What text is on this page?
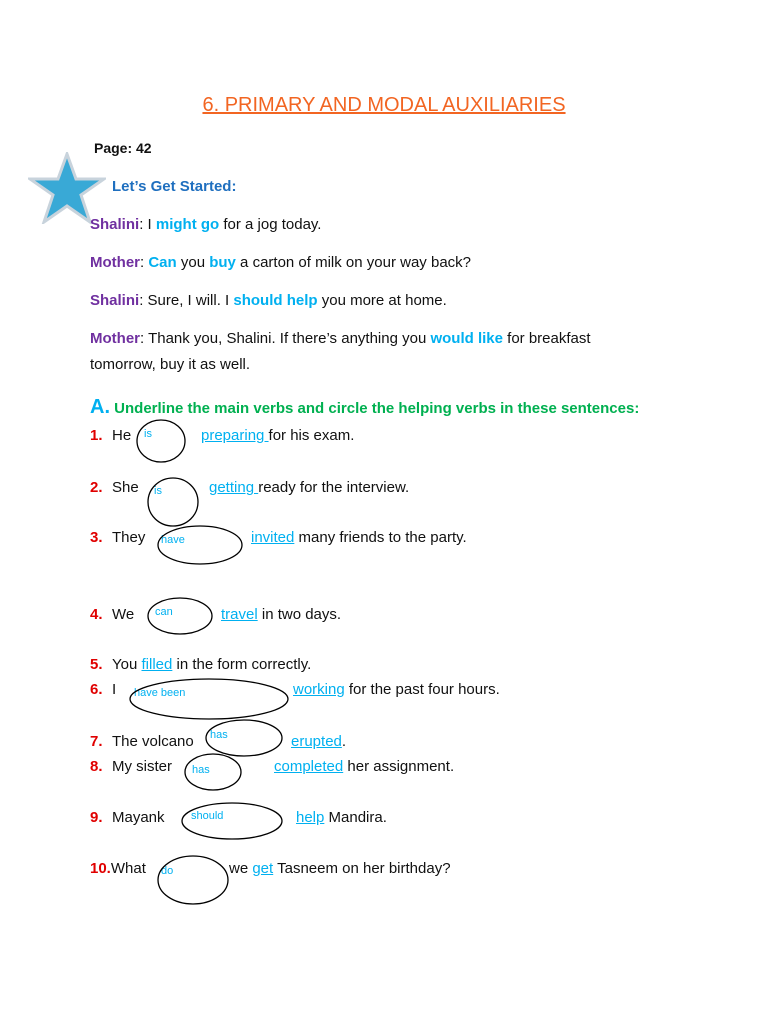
6. PRIMARY AND MODAL AUXILIARIES
Page: 42
Let’s Get Started:
Shalini: I might go for a jog today.
Mother: Can you buy a carton of milk on your way back?
Shalini: Sure, I will. I should help you more at home.
Mother: Thank you, Shalini. If there’s anything you would like for breakfast
tomorrow, buy it as well.
A. Underline the main verbs and circle the helping verbs in these sentences:
1. He is	preparing for his exam.
2. She is	getting ready for the interview.
3. They have	invited many friends to the party.
4. We can	travel in two days.
5. You filled in the form correctly.
6. I have been	working for the past four hours.
7. The volcano has	erupted.
8. My sister has	completed her assignment.
9. Mayank should	help Mandira.
10.What do	we get Tasneem on her birthday?
